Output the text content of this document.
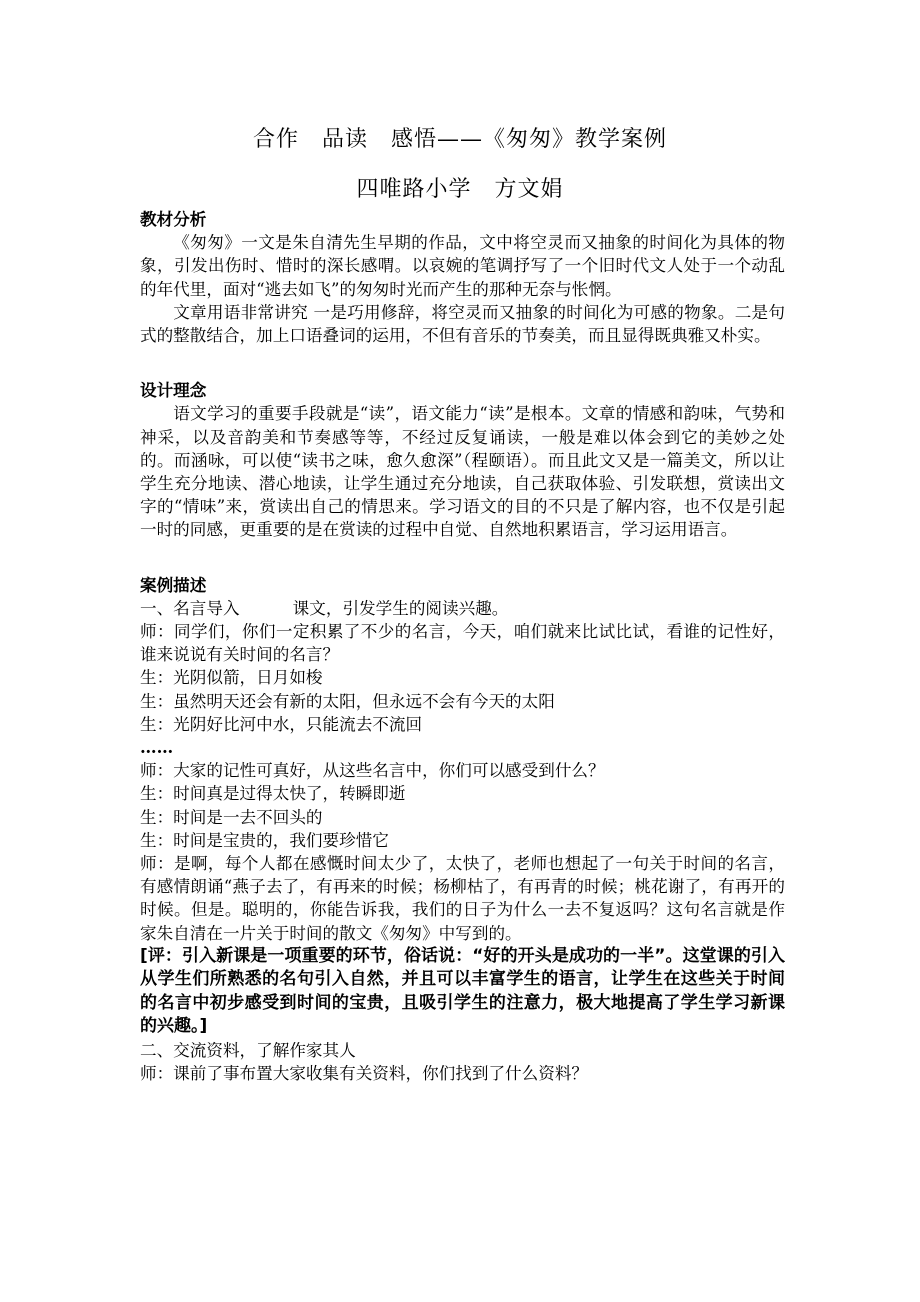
合作　品读　感悟——《匆匆》教学案例
四唯路小学　方文娟

教材分析

《匆匆》一文是朱自清先生早期的作品，文中将空灵而又抽象的时间化为具体的物象，引发出伤时、惜时的深长感喟。以哀婉的笔调抒写了一个旧时代文人处于一个动乱的年代里，面对“逃去如飞”的匆匆时光而产生的那种无奈与怅惘。

文章用语非常讲究 一是巧用修辞，将空灵而又抽象的时间化为可感的物象。二是句式的整散结合，加上口语叠词的运用，不但有音乐的节奏美，而且显得既典雅又朴实。

设计理念

语文学习的重要手段就是“读”，语文能力“读”是根本。文章的情感和韵味，气势和神采，以及音韵美和节奏感等等，不经过反复诵读，一般是难以体会到它的美妙之处的。而涵咏，可以使“读书之味，愈久愈深”（程颐语）。而且此文又是一篇美文，所以让学生充分地读、潜心地读，让学生通过充分地读，自己获取体验、引发联想，赏读出文字的“情味”来，赏读出自己的情思来。学习语文的目的不只是了解内容，也不仅是引起一时的同感，更重要的是在赏读的过程中自觉、自然地积累语言，学习运用语言。

案例描述

一、名言导入	课文，引发学生的阅读兴趣。

师：同学们，你们一定积累了不少的名言，今天，咱们就来比试比试，看谁的记性好，谁来说说有关时间的名言？

生：光阴似箭，日月如梭

生：虽然明天还会有新的太阳，但永远不会有今天的太阳

生：光阴好比河中水，只能流去不流回

……

师：大家的记性可真好，从这些名言中，你们可以感受到什么？

生：时间真是过得太快了，转瞬即逝

生：时间是一去不回头的

生：时间是宝贵的，我们要珍惜它

师：是啊，每个人都在感慨时间太少了，太快了，老师也想起了一句关于时间的名言，有感情朗诵“燕子去了，有再来的时候；杨柳枯了，有再青的时候；桃花谢了，有再开的时候。但是。聪明的，你能告诉我，我们的日子为什么一去不复返吗？这句名言就是作家朱自清在一片关于时间的散文《匆匆》中写到的。

[评：引入新课是一项重要的环节，俗话说：“好的开头是成功的一半”。这堂课的引入从学生们所熟悉的名句引入自然，并且可以丰富学生的语言，让学生在这些关于时间的名言中初步感受到时间的宝贵，且吸引学生的注意力，极大地提高了学生学习新课的兴趣。]

二、交流资料，了解作家其人

师：课前了事布置大家收集有关资料，你们找到了什么资料？
